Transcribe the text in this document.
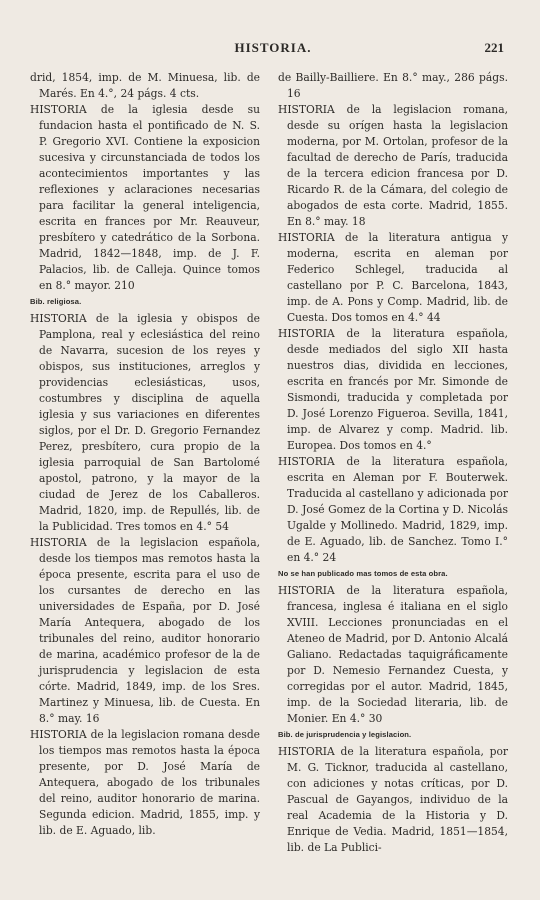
HISTORIA.	221

drid, 1854, imp. de M. Minuesa, lib. de Marés. En 4.°, 24 págs. 4 cts.

HISTORIA de la iglesia desde su fundacion hasta el pontificado de N. S. P. Gregorio XVI. Contiene la exposicion sucesiva y circunstanciada de todos los acontecimientos importantes y las reflexiones y aclaraciones necesarias para facilitar la general inteligencia, escrita en frances por Mr. Reauveur, presbítero y catedrático de la Sorbona. Madrid, 1842—1848, imp. de J. F. Palacios, lib. de Calleja. Quince tomos en 8.° mayor. 210

Bib. religiosa.

HISTORIA de la iglesia y obispos de Pamplona, real y eclesiástica del reino de Navarra, sucesion de los reyes y obispos, sus instituciones, arreglos y providencias eclesiásticas, usos, costumbres y disciplina de aquella iglesia y sus variaciones en diferentes siglos, por el Dr. D. Gregorio Fernandez Perez, presbítero, cura propio de la iglesia parroquial de San Bartolomé apostol, patrono, y la mayor de la ciudad de Jerez de los Caballeros. Madrid, 1820, imp. de Repullés, lib. de la Publicidad. Tres tomos en 4.° 54

HISTORIA de la legislacion española, desde los tiempos mas remotos hasta la época presente, escrita para el uso de los cursantes de derecho en las universidades de España, por D. José María Antequera, abogado de los tribunales del reino, auditor honorario de marina, académico profesor de la de jurisprudencia y legislacion de esta córte. Madrid, 1849, imp. de los Sres. Martinez y Minuesa, lib. de Cuesta. En 8.° may. 16

HISTORIA de la legislacion romana desde los tiempos mas remotos hasta la época presente, por D. José María de Antequera, abogado de los tribunales del reino, auditor honorario de marina. Segunda edicion. Madrid, 1855, imp. y lib. de E. Aguado, lib.

de Bailly-Bailliere. En 8.° may., 286 págs. 16

HISTORIA de la legislacion romana, desde su orígen hasta la legislacion moderna, por M. Ortolan, profesor de la facultad de derecho de París, traducida de la tercera edicion francesa por D. Ricardo R. de la Cámara, del colegio de abogados de esta corte. Madrid, 1855. En 8.° may. 18

HISTORIA de la literatura antigua y moderna, escrita en aleman por Federico Schlegel, traducida al castellano por P. C. Barcelona, 1843, imp. de A. Pons y Comp. Madrid, lib. de Cuesta. Dos tomos en 4.° 44

HISTORIA de la literatura española, desde mediados del siglo XII hasta nuestros dias, dividida en lecciones, escrita en francés por Mr. Simonde de Sismondi, traducida y completada por D. José Lorenzo Figueroa. Sevilla, 1841, imp. de Alvarez y comp. Madrid. lib. Europea. Dos tomos en 4.°

HISTORIA de la literatura española, escrita en Aleman por F. Bouterwek. Traducida al castellano y adicionada por D. José Gomez de la Cortina y D. Nicolás Ugalde y Mollinedo. Madrid, 1829, imp. de E. Aguado, lib. de Sanchez. Tomo I.° en 4.° 24

No se han publicado mas tomos de esta obra.

HISTORIA de la literatura española, francesa, inglesa é italiana en el siglo XVIII. Lecciones pronunciadas en el Ateneo de Madrid, por D. Antonio Alcalá Galiano. Redactadas taquigráficamente por D. Nemesio Fernandez Cuesta, y corregidas por el autor. Madrid, 1845, imp. de la Sociedad literaria, lib. de Monier. En 4.° 30

Bib. de jurisprudencia y legislacion.

HISTORIA de la literatura española, por M. G. Ticknor, traducida al castellano, con adiciones y notas críticas, por D. Pascual de Gayangos, individuo de la real Academia de la Historia y D. Enrique de Vedia. Madrid, 1851—1854, lib. de La Publici-
